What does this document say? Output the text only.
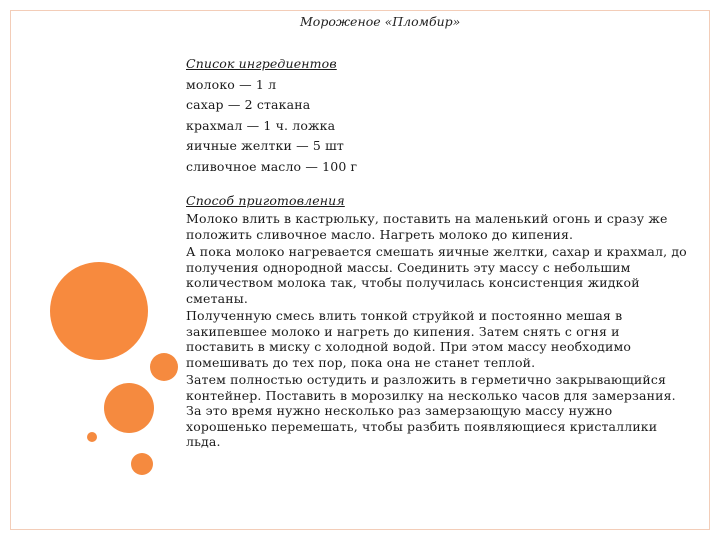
Мороженое «Пломбир»

Список ингредиентов

молоко — 1 л

сахар — 2 стакана

крахмал — 1 ч. ложка

яичные желтки — 5 шт

сливочное масло — 100 г

Способ приготовления

Молоко влить в кастрюльку, поставить на маленький огонь и сразу же положить сливочное масло. Нагреть молоко до кипения.

А пока молоко нагревается смешать яичные желтки, сахар и крахмал, до получения однородной массы. Соединить эту массу с небольшим количеством молока так, чтобы получилась консистенция жидкой сметаны.

Полученную смесь влить тонкой струйкой и постоянно мешая в закипевшее молоко и нагреть до кипения. Затем снять с огня и поставить в миску с холодной водой. При этом массу необходимо помешивать до тех пор, пока она не станет теплой.

Затем полностью остудить и разложить в герметично закрывающийся контейнер. Поставить в морозилку на несколько часов для замерзания. За это время нужно несколько раз замерзающую массу нужно хорошенько перемешать, чтобы разбить появляющиеся кристаллики льда.
